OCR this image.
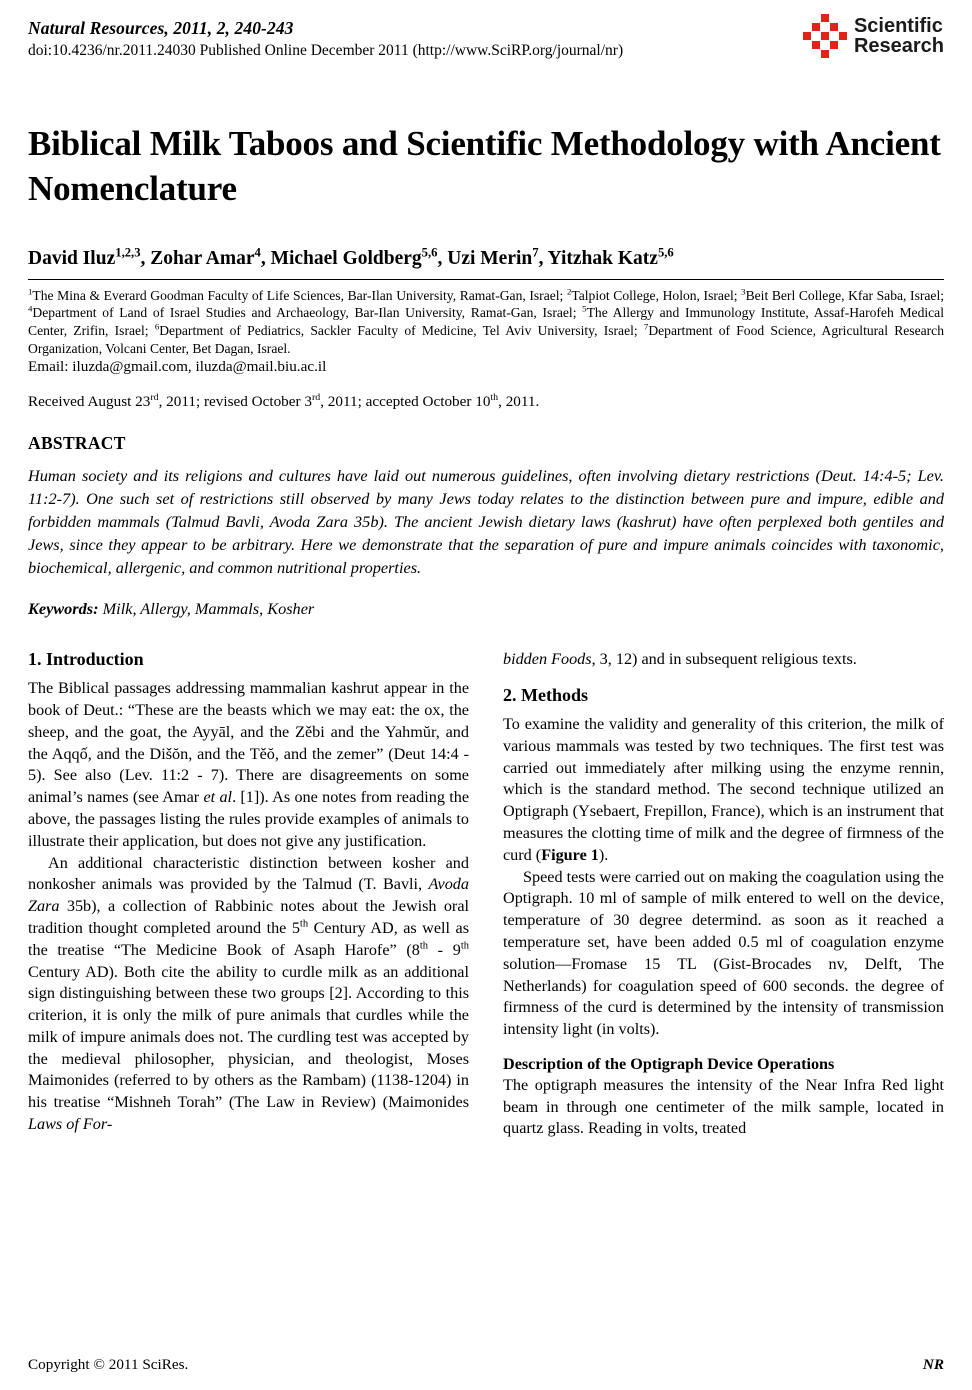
Natural Resources, 2011, 2, 240-243
doi:10.4236/nr.2011.24030 Published Online December 2011 (http://www.SciRP.org/journal/nr)
Scientific
Research
Biblical Milk Taboos and Scientific Methodology with Ancient Nomenclature
David Iluz$^{1,2,3}$, Zohar Amar$^4$, Michael Goldberg$^{5,6}$, Uzi Merin$^7$, Yitzhak Katz$^{5,6}$
$^1$The Mina & Everard Goodman Faculty of Life Sciences, Bar-Ilan University, Ramat-Gan, Israel; $^2$Talpiot College, Holon, Israel; $^3$Beit Berl College, Kfar Saba, Israel; $^4$Department of Land of Israel Studies and Archaeology, Bar-Ilan University, Ramat-Gan, Israel; $^5$The Allergy and Immunology Institute, Assaf-Harofeh Medical Center, Zrifin, Israel; $^6$Department of Pediatrics, Sackler Faculty of Medicine, Tel Aviv University, Israel; $^7$Department of Food Science, Agricultural Research Organization, Volcani Center, Bet Dagan, Israel.
Email: iluzda@gmail.com, iluzda@mail.biu.ac.il
Received August 23rd, 2011; revised October 3rd, 2011; accepted October 10th, 2011.
ABSTRACT
Human society and its religions and cultures have laid out numerous guidelines, often involving dietary restrictions (Deut. 14:4-5; Lev. 11:2-7). One such set of restrictions still observed by many Jews today relates to the distinction between pure and impure, edible and forbidden mammals (Talmud Bavli, Avoda Zara 35b). The ancient Jewish dietary laws (kashrut) have often perplexed both gentiles and Jews, since they appear to be arbitrary. Here we demonstrate that the separation of pure and impure animals coincides with taxonomic, biochemical, allergenic, and common nutritional properties.
Keywords: Milk, Allergy, Mammals, Kosher
1. Introduction

The Biblical passages addressing mammalian kashrut appear in the book of Deut.: “These are the beasts which we may eat: the ox, the sheep, and the goat, the Ayyāl, and the Zěbi and the Yahmŭr, and the Aqqố, and the Dišŏn, and the Těŏ, and the zemer” (Deut 14:4 - 5). See also (Lev. 11:2 - 7). There are disagreements on some animal’s names (see Amar et al. [1]). As one notes from reading the above, the passages listing the rules provide examples of animals to illustrate their application, but does not give any justification.

An additional characteristic distinction between kosher and nonkosher animals was provided by the Talmud (T. Bavli, Avoda Zara 35b), a collection of Rabbinic notes about the Jewish oral tradition thought completed around the 5th Century AD, as well as the treatise “The Medicine Book of Asaph Harofe” (8th - 9th Century AD). Both cite the ability to curdle milk as an additional sign distinguishing between these two groups [2]. According to this criterion, it is only the milk of pure animals that curdles while the milk of impure animals does not. The curdling test was accepted by the medieval philosopher, physician, and theologist, Moses Maimonides (referred to by others as the Rambam) (1138-1204) in his treatise “Mishneh Torah” (The Law in Review) (Maimonides Laws of For-

bidden Foods, 3, 12) and in subsequent religious texts.

2. Methods

To examine the validity and generality of this criterion, the milk of various mammals was tested by two techniques. The first test was carried out immediately after milking using the enzyme rennin, which is the standard method. The second technique utilized an Optigraph (Ysebaert, Frepillon, France), which is an instrument that measures the clotting time of milk and the degree of firmness of the curd (Figure 1).

Speed tests were carried out on making the coagulation using the Optigraph. 10 ml of sample of milk entered to well on the device, temperature of 30 degree determind. as soon as it reached a temperature set, have been added 0.5 ml of coagulation enzyme solution—Fromase 15 TL (Gist-Brocades nv, Delft, The Netherlands) for coagulation speed of 600 seconds. the degree of firmness of the curd is determined by the intensity of transmission intensity light (in volts).

Description of the Optigraph Device Operations

The optigraph measures the intensity of the Near Infra Red light beam in through one centimeter of the milk sample, located in quartz glass. Reading in volts, treated

Copyright © 2011 SciRes.	NR
